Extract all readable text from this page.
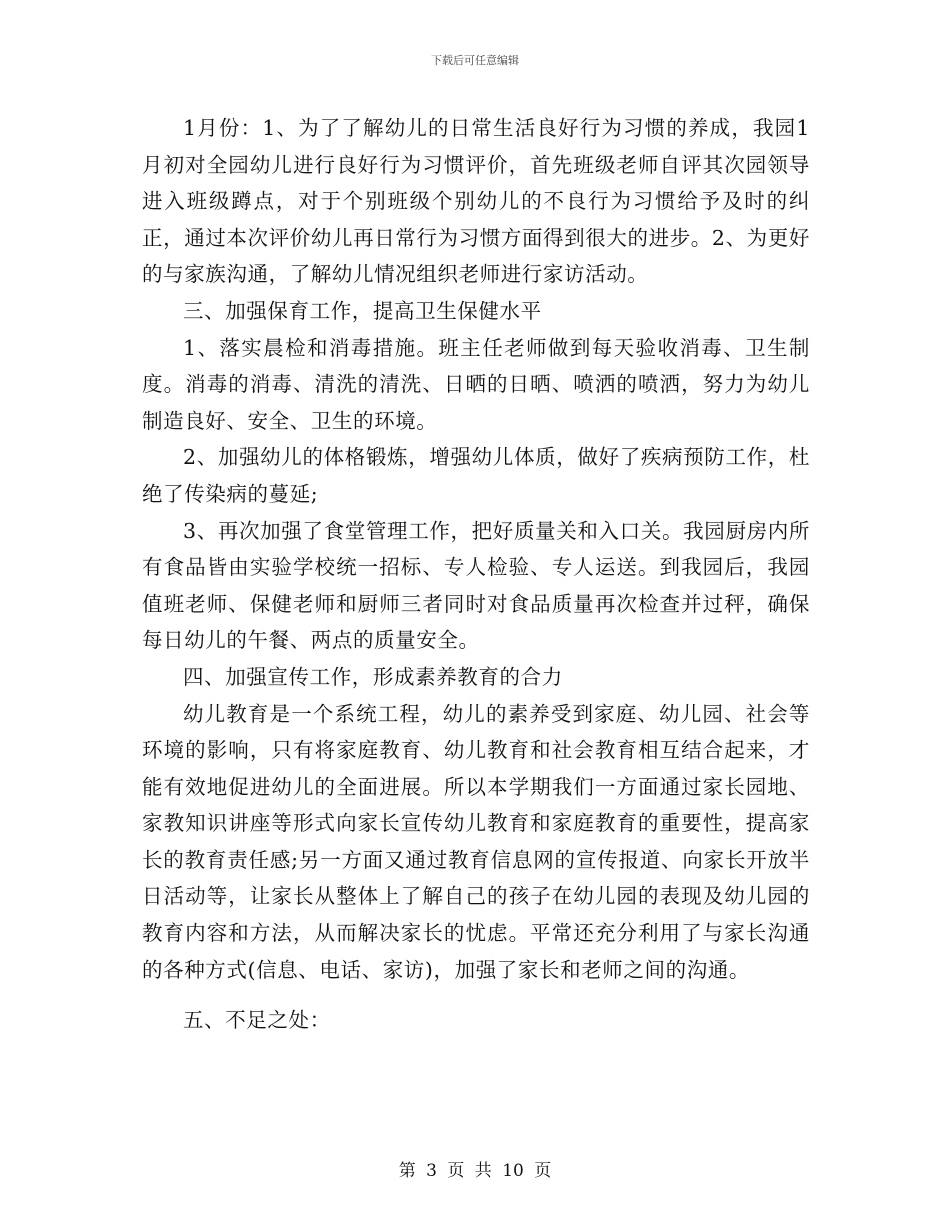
下载后可任意编辑

1月份：1、为了了解幼儿的日常生活良好行为习惯的养成，我园1月初对全园幼儿进行良好行为习惯评价，首先班级老师自评其次园领导进入班级蹲点，对于个别班级个别幼儿的不良行为习惯给予及时的纠正，通过本次评价幼儿再日常行为习惯方面得到很大的进步。2、为更好的与家族沟通，了解幼儿情况组织老师进行家访活动。

三、加强保育工作，提高卫生保健水平

1、落实晨检和消毒措施。班主任老师做到每天验收消毒、卫生制度。消毒的消毒、清洗的清洗、日晒的日晒、喷洒的喷洒，努力为幼儿制造良好、安全、卫生的环境。

2、加强幼儿的体格锻炼，增强幼儿体质，做好了疾病预防工作，杜绝了传染病的蔓延;

3、再次加强了食堂管理工作，把好质量关和入口关。我园厨房内所有食品皆由实验学校统一招标、专人检验、专人运送。到我园后，我园值班老师、保健老师和厨师三者同时对食品质量再次检查并过秤，确保每日幼儿的午餐、两点的质量安全。

四、加强宣传工作，形成素养教育的合力

幼儿教育是一个系统工程，幼儿的素养受到家庭、幼儿园、社会等环境的影响，只有将家庭教育、幼儿教育和社会教育相互结合起来，才能有效地促进幼儿的全面进展。所以本学期我们一方面通过家长园地、家教知识讲座等形式向家长宣传幼儿教育和家庭教育的重要性，提高家长的教育责任感;另一方面又通过教育信息网的宣传报道、向家长开放半日活动等，让家长从整体上了解自己的孩子在幼儿园的表现及幼儿园的教育内容和方法，从而解决家长的忧虑。平常还充分利用了与家长沟通的各种方式(信息、电话、家访)，加强了家长和老师之间的沟通。

五、不足之处：

第 3 页 共 10 页
